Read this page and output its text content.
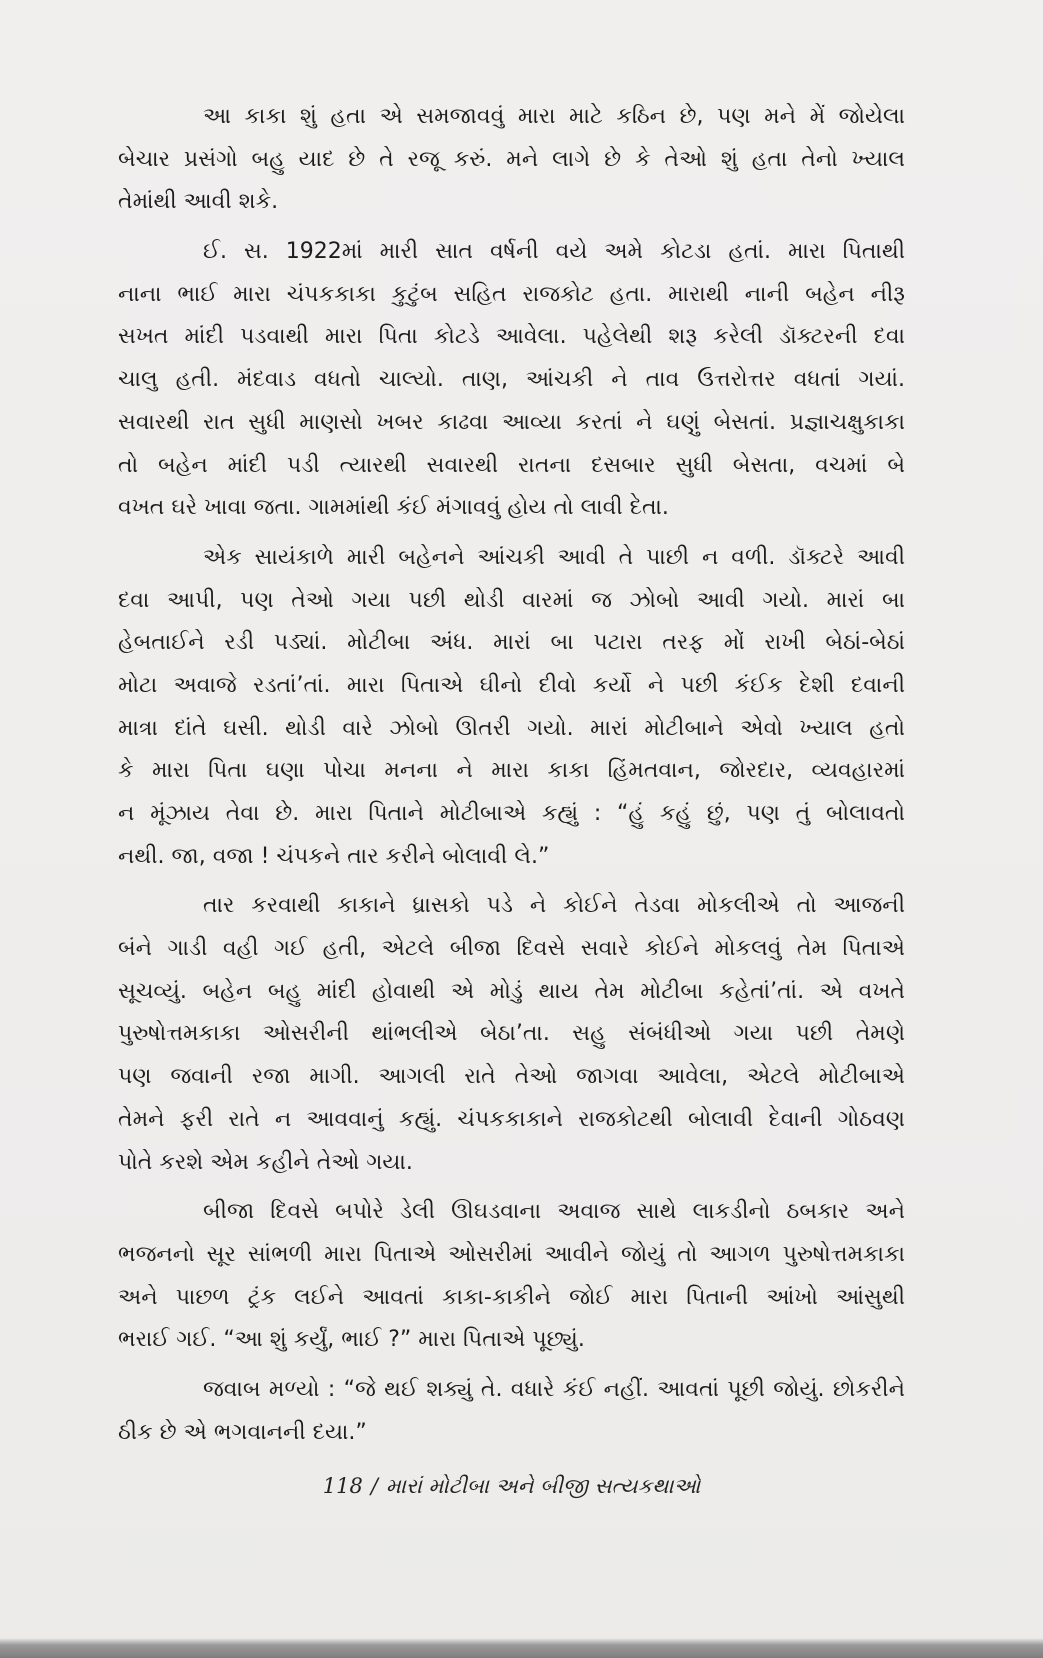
આ કાકા શું હતા એ સમજાવવું મારા માટે કઠિન છે, પણ મને મેં જોયેલા
બેચાર પ્રસંગો બહુ યાદ છે તે રજૂ કરું. મને લાગે છે કે તેઓ શું હતા તેનો ખ્યાલ
તેમાંથી આવી શકે.
ઈ. સ. 1922માં મારી સાત વર્ષની વયે અમે કોટડા હતાં. મારા પિતાથી
નાના ભાઈ મારા ચંપકકાકા કુટુંબ સહિત રાજકોટ હતા. મારાથી નાની બહેન નીરૂ
સખત માંદી પડવાથી મારા પિતા કોટડે આવેલા. પહેલેથી શરૂ કરેલી ડૉક્ટરની દવા
ચાલુ હતી. મંદવાડ વધતો ચાલ્યો. તાણ, આંચકી ને તાવ ઉત્તરોત્તર વધતાં ગયાં.
સવારથી રાત સુધી માણસો ખબર કાઢવા આવ્યા કરતાં ને ઘણું બેસતાં. પ્રજ્ઞાચક્ષુકાકા
તો બહેન માંદી પડી ત્યારથી સવારથી રાતના દસબાર સુધી બેસતા, વચમાં બે
વખત ઘરે ખાવા જતા. ગામમાંથી કંઈ મંગાવવું હોય તો લાવી દેતા.
એક સાયંકાળે મારી બહેનને આંચકી આવી તે પાછી ન વળી. ડૉક્ટરે આવી
દવા આપી, પણ તેઓ ગયા પછી થોડી વારમાં જ ઝોબો આવી ગયો. મારાં બા
હેબતાઈને રડી પડ્યાં. મોટીબા અંધ. મારાં બા પટારા તરફ મોં રાખી બેઠાં-બેઠાં
મોટા અવાજે રડતાં’તાં. મારા પિતાએ ઘીનો દીવો કર્યો ને પછી કંઈક દેશી દવાની
માત્રા દાંતે ઘસી. થોડી વારે ઝોબો ઊતરી ગયો. મારાં મોટીબાને એવો ખ્યાલ હતો
કે મારા પિતા ઘણા પોચા મનના ને મારા કાકા હિંમતવાન, જોરદાર, વ્યવહારમાં
ન મૂંઝાય તેવા છે. મારા પિતાને મોટીબાએ કહ્યું : “હું કહું છું, પણ તું બોલાવતો
નથી. જા, વજા ! ચંપકને તાર કરીને બોલાવી લે.”
તાર કરવાથી કાકાને ધ્રાસકો પડે ને કોઈને તેડવા મોકલીએ તો આજની
બંને ગાડી વહી ગઈ હતી, એટલે બીજા દિવસે સવારે કોઈને મોકલવું તેમ પિતાએ
સૂચવ્યું. બહેન બહુ માંદી હોવાથી એ મોડું થાય તેમ મોટીબા કહેતાં’તાં. એ વખતે
પુરુષોત્તમકાકા ઓસરીની થાંભલીએ બેઠા’તા. સહુ સંબંધીઓ ગયા પછી તેમણે
પણ જવાની રજા માગી. આગલી રાતે તેઓ જાગવા આવેલા, એટલે મોટીબાએ
તેમને ફરી રાતે ન આવવાનું કહ્યું. ચંપકકાકાને રાજકોટથી બોલાવી દેવાની ગોઠવણ
પોતે કરશે એમ કહીને તેઓ ગયા.
બીજા દિવસે બપોરે ડેલી ઊઘડવાના અવાજ સાથે લાકડીનો ઠબકાર અને
ભજનનો સૂર સાંભળી મારા પિતાએ ઓસરીમાં આવીને જોયું તો આગળ પુરુષોત્તમકાકા
અને પાછળ ટ્રંક લઈને આવતાં કાકા-કાકીને જોઈ મારા પિતાની આંખો આંસુથી
ભરાઈ ગઈ. “આ શું કર્યું, ભાઈ ?” મારા પિતાએ પૂછ્યું.
જવાબ મળ્યો : “જે થઈ શક્યું તે. વધારે કંઈ નહીં. આવતાં પૂછી જોયું. છોકરીને
ઠીક છે એ ભગવાનની દયા.”
118 / મારાં મોટીબા અને બીજી સત્યકથાઓ
